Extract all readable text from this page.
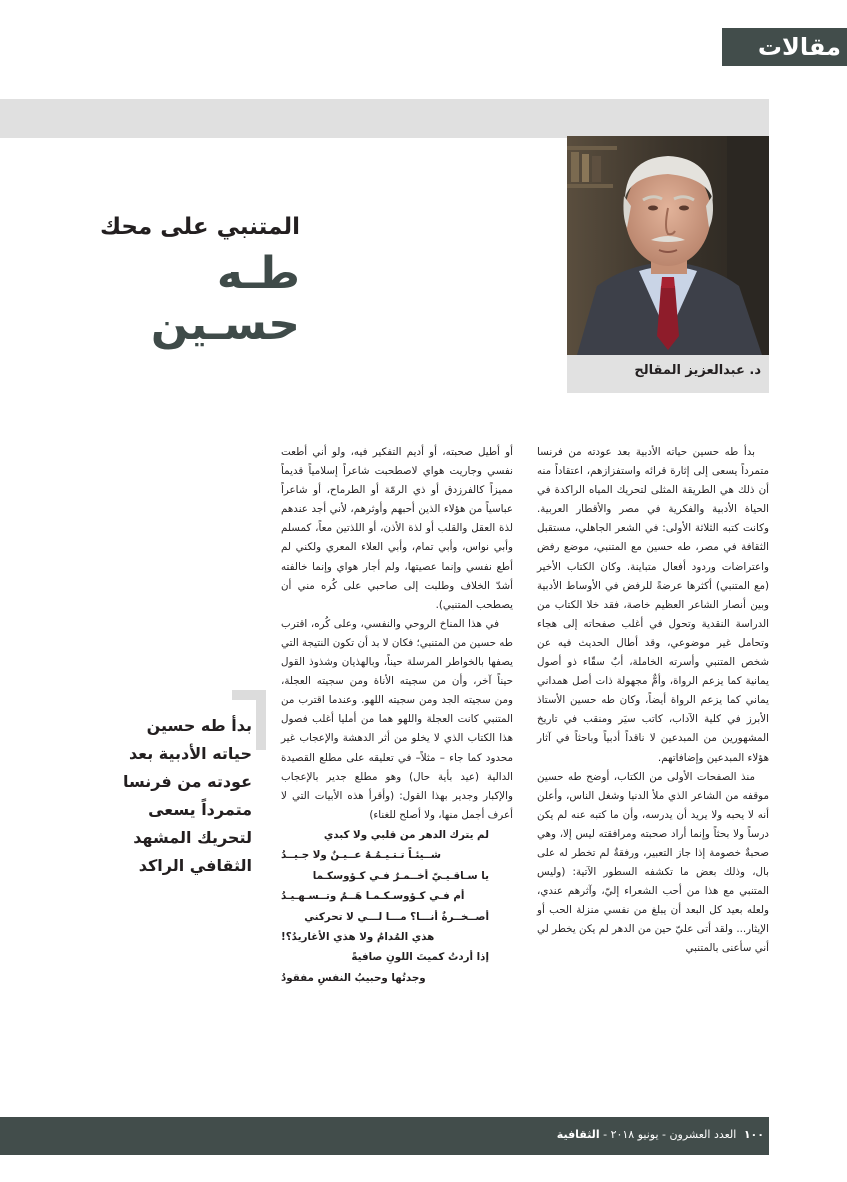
مقالات
المتنبي على محك
طـه حسـين
د. عبدالعزيز المقالح
بدأ طه حسين
حياته الأدبية بعد
عودته من فرنسا
متمرداً يسعى
لتحريك المشهد
الثقافي الراكد

بدأ طه حسين حياته الأدبية بعد عودته من فرنسا متمرداً يسعى إلى إثارة قرائه واستفزازهم، اعتقاداً منه أن ذلك هي الطريقة المثلى لتحريك المياه الراكدة في الحياة الأدبية والفكرية في مصر والأقطار العربية. وكانت كتبه الثلاثة الأولى: في الشعر الجاهلي، مستقبل الثقافة في مصر، طه حسين مع المتنبي، موضع رفض واعتراضات وردود أفعال متباينة. وكان الكتاب الأخير (مع المتنبي) أكثرها عرضةً للرفض في الأوساط الأدبية وبين أنصار الشاعر العظيم خاصة، فقد خلا الكتاب من الدراسة النقدية وتحول في أغلب صفحاته إلى هجاء وتحامل غير موضوعي، وقد أطال الحديث فيه عن شخص المتنبي وأسرته الخاملة، أبٌ سقّاء ذو أصول يمانية كما يزعم الرواة، وأمٌّ مجهولة ذات أصل همداني يماني كما يزعم الرواة أيضاً، وكان طه حسين الأستاذ الأبرز في كلية الآداب، كاتب سيَر ومنقب في تاريخ المشهورين من المبدعين لا ناقداً أدبياً وباحثاً في آثار هؤلاء المبدعين وإضافاتهم.

منذ الصفحات الأولى من الكتاب، أوضح طه حسين موقفه من الشاعر الذي ملأ الدنيا وشغل الناس، وأعلن أنه لا يحبه ولا يريد أن يدرسه، وأن ما كتبه عنه لم يكن درساً ولا بحثاً وإنما أراد صحبته ومرافقته ليس إلا، وهي صحبةٌ خصومة إذا جاز التعبير، ورفقةٌ لم تخطر له على بال، وذلك بعض ما تكشفه السطور الآتية: (وليس المتنبي مع هذا من أحب الشعراء إليّ، وآثرهم عندي، ولعله بعيد كل البعد أن يبلغ من نفسي منزلة الحب أو الإيثار... ولقد أتى عليّ حين من الدهر لم يكن يخطر لي أني سأعنى بالمتنبي

أو أطيل صحبته، أو أديم التفكير فيه، ولو أني أطعت نفسي وجاريت هواي لاصطحبت شاعراً إسلامياً قديماً مميزاً كالفرزدق أو ذي الرمّة أو الطرماح، أو شاعراً عباسياً من هؤلاء الذين أحبهم وأوثرهم، لأني أجد عندهم لذة العقل والقلب أو لذة الأذن، أو اللذتين معاً، كمسلم وأبي نواس، وأبي تمام، وأبي العلاء المعري ولكني لم أطع نفسي وإنما عصيتها، ولم أجار هواي وإنما خالفته أشدّ الخلاف وطلبت إلى صاحبي على كُره مني أن يصطحب المتنبي).

في هذا المناخ الروحي والنفسي، وعلى كُره، اقترب طه حسين من المتنبي؛ فكان لا بد أن تكون النتيجة التي يصفها بالخواطر المرسلة حيناً، وبالهذيان وشذوذ القول حيناً آخر، وأن من سجيته الأناة ومن سجيته العجلة، ومن سجيته الجد ومن سجيته اللهو. وعندما اقترب من المتنبي كانت العجلة واللهو هما من أمليا أغلب فصول هذا الكتاب الذي لا يخلو من أثر الدهشة والإعجاب غير محدود كما جاء – مثلاً– في تعليقه على مطلع القصيدة الدالية (عيد بأية حال) وهو مطلع جدير بالإعجاب والإكبار وجدير بهذا القول: (وأقرأ هذه الأبيات التي لا أعرف أجمل منها، ولا أصلح للغناء)

لم يترك الدهر من قلبي ولا كبدي
شــيئـاً تـتـيـمُـهُ عــيـنٌ ولا جـيــدُ
يا سـاقـيـيّ أخــمـرٌ فـي كـؤوسكـما
أم فـي كـؤوسـكـمـا هَــمٌ وتــسـهـيـدُ
أصــخــرةٌ أنـــا؟ مـــا لـــي لا تحركني
هذي المُدامُ ولا هذي الأغاريدُ؟!
إذا أردتُ كميتَ اللونِ صافيةً
وجدتُها وحبيبُ النفسِ مفقودُ
١٠٠ العدد العشرون - يونيو ٢٠١٨ - الثقافية
